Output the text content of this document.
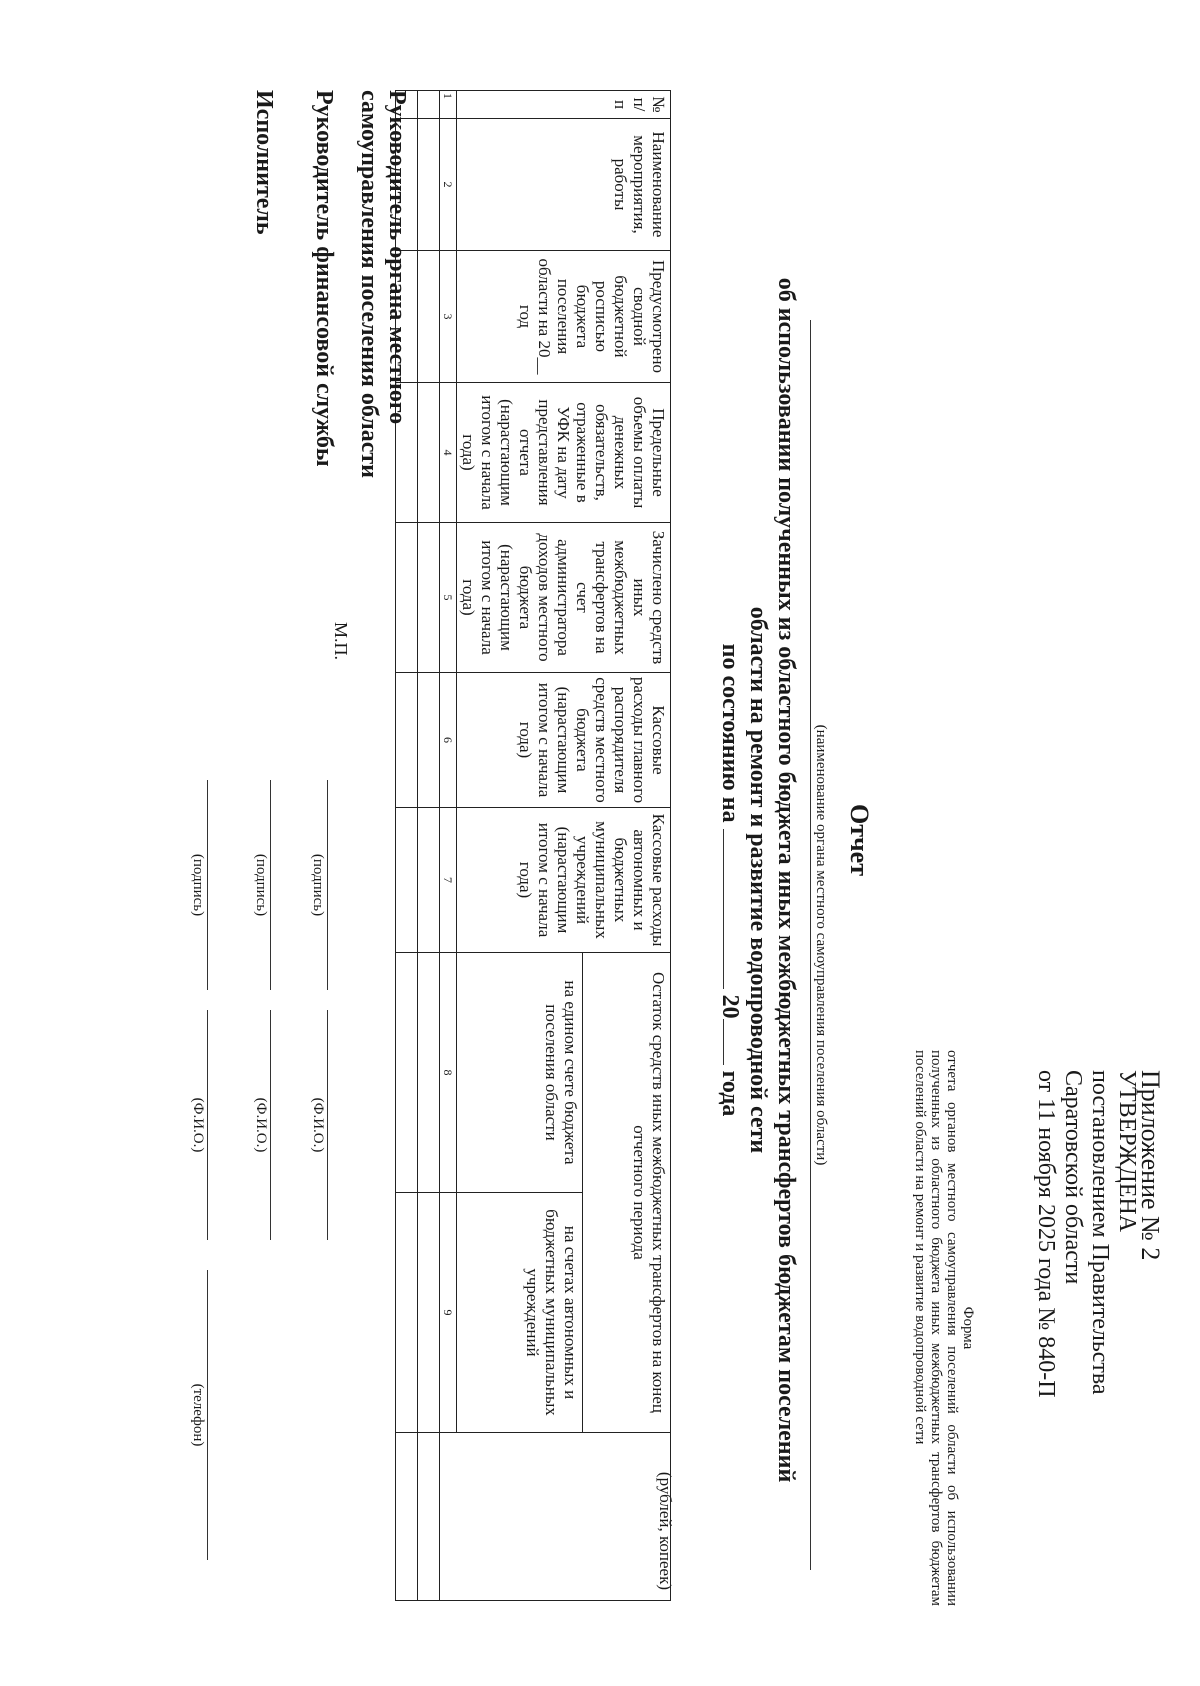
Приложение № 2
УТВЕРЖДЕНА
постановлением Правительства
Саратовской области
от 11 ноября 2025 года № 840-П
Форма
отчета органов местного самоуправления поселений области об использовании полученных из областного бюджета иных межбюджетных трансфертов бюджетам поселений области на ремонт и развитие водопроводной сети
Отчет
(наименование органа местного самоуправления поселения области)
об использовании полученных из областного бюджета иных межбюджетных трансфертов бюджетам поселений
области на ремонт и развитие водопроводной сети
по состоянию на  20 года
(рублей, копеек)
№ п/п	Наименование мероприятия, работы	Предусмотрено сводной бюджетной росписью бюджета поселения области на 20__ год	Предельные объемы оплаты денежных обязательств, отраженные в УФК на дату представления отчета (нарастающим итогом с начала года)	Зачислено средств иных межбюджетных трансфертов на счет администратора доходов местного бюджета (нарастающим итогом с начала года)	Кассовые расходы главного распорядителя средств местного бюджета (нарастающим итогом с начала года)	Кассовые расходы автономных и бюджетных муниципальных учреждений (нарастающим итогом с начала года)	Остаток средств иных межбюджетных трансфертов на конец отчетного периода		
							на едином счете бюджета поселения области	на счетах автономных и бюджетных муниципальных учреждений	
1	2	3	4	5	6	7	8	9	

Руководитель органа местного
самоуправления поселения области
М.П.
(подпись)
(Ф.И.О.)
Руководитель финансовой службы
(подпись)
(Ф.И.О.)
Исполнитель
(подпись)
(Ф.И.О.)
(телефон)
